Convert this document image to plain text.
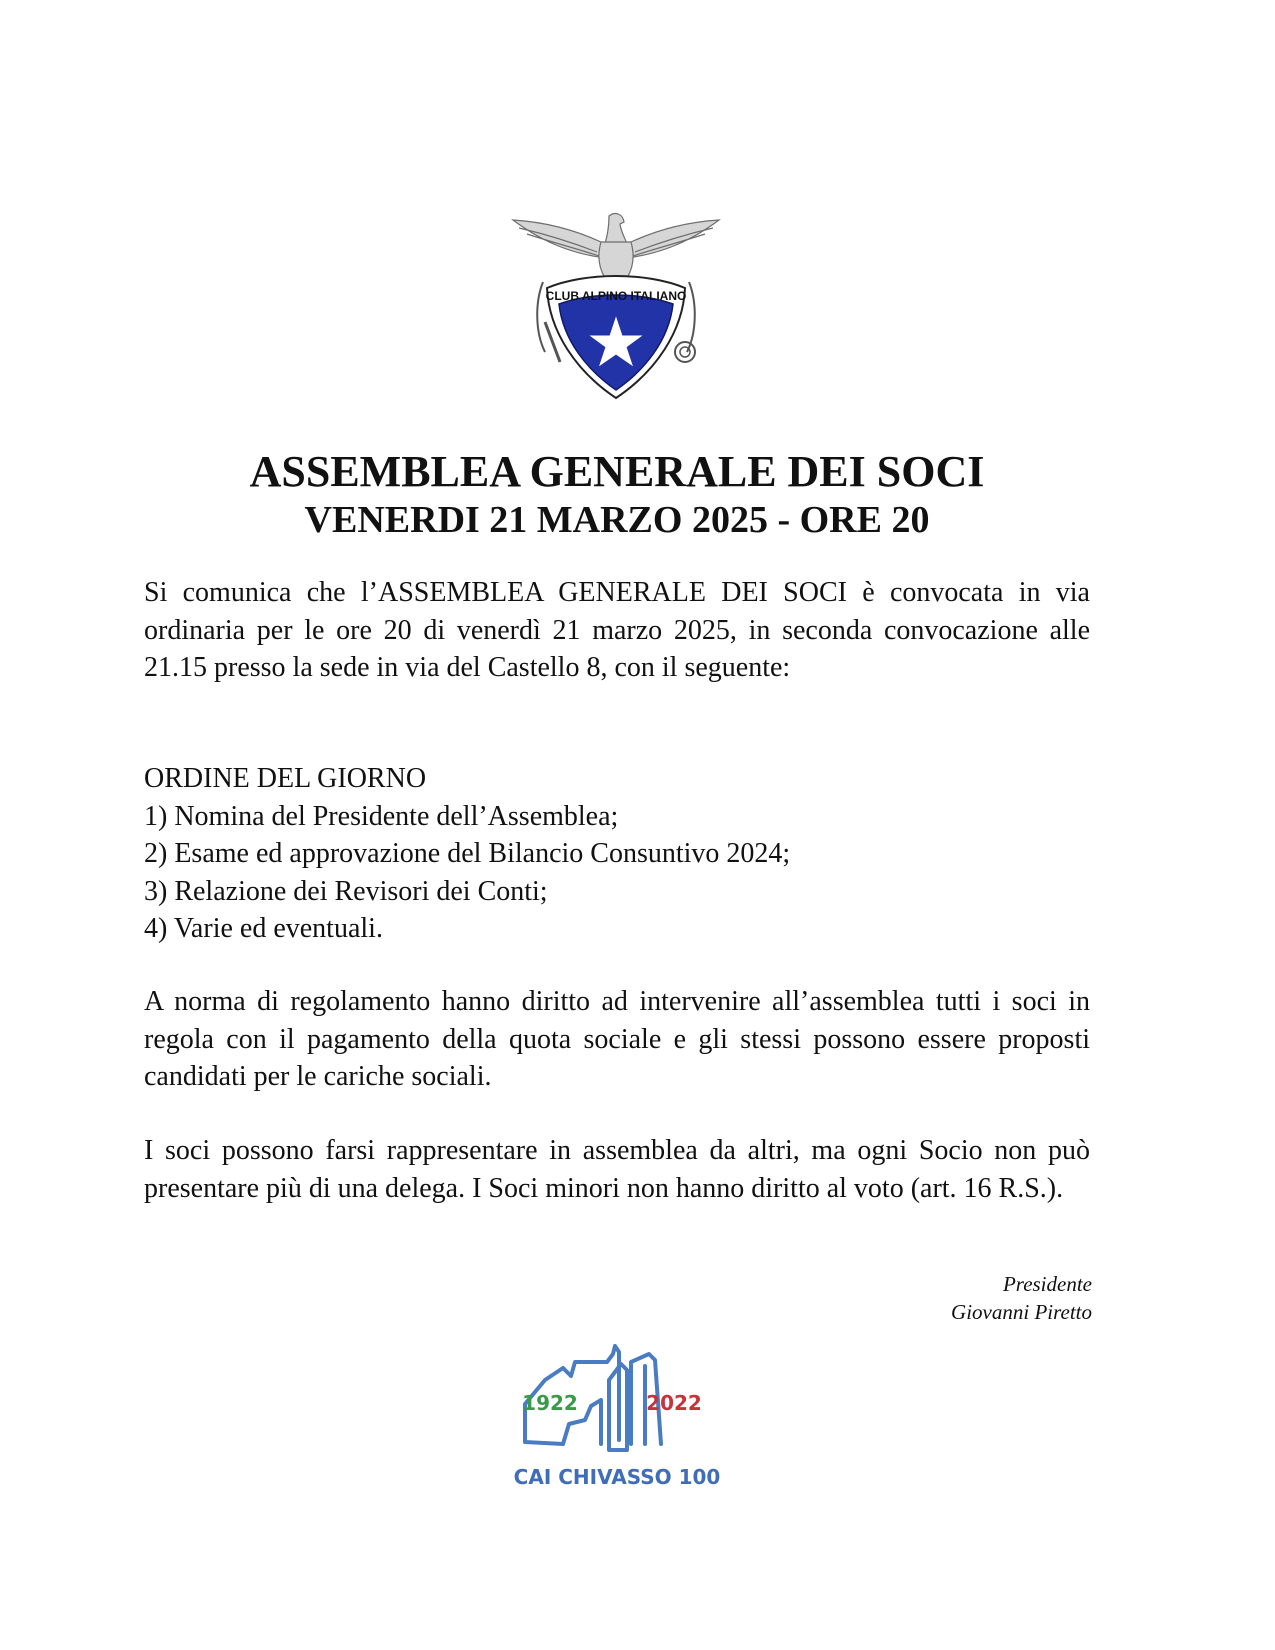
CLUB ALPINO ITALIANO
ASSEMBLEA GENERALE DEI SOCI
VENERDI 21 MARZO 2025 - ORE 20

Si comunica che l’ASSEMBLEA GENERALE DEI SOCI è convocata in via ordinaria per le ore 20 di venerdì 21 marzo 2025, in seconda convocazione alle 21.15 presso la sede in via del Castello 8, con il seguente:

ORDINE DEL GIORNO
1) Nomina del Presidente dell’Assemblea;
2) Esame ed approvazione del Bilancio Consuntivo 2024;
3) Relazione dei Revisori dei Conti;
4) Varie ed eventuali.

A norma di regolamento hanno diritto ad intervenire all’assemblea tutti i soci in regola con il pagamento della quota sociale e gli stessi possono essere proposti candidati per le cariche sociali.

I soci possono farsi rappresentare in assemblea da altri, ma ogni Socio non può presentare più di una delega. I Soci minori non hanno diritto al voto (art. 16 R.S.).

Presidente
Giovanni Piretto
1922	2022
CAI CHIVASSO 100
